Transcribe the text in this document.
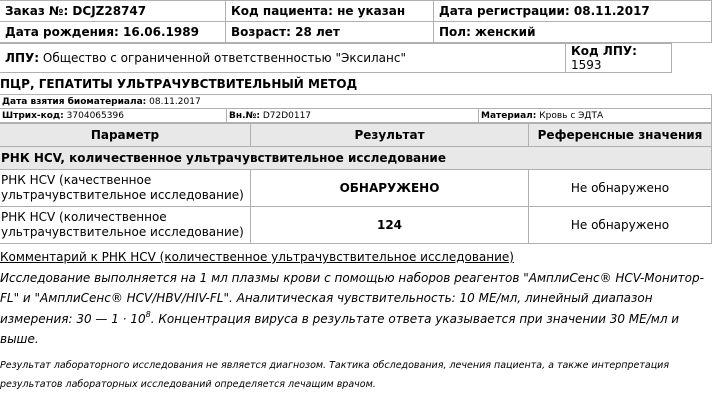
Заказ №: DCJZ28747	Код пациента: не указан	Дата регистрации: 08.11.2017
Дата рождения: 16.06.1989	Возраст: 28 лет	Пол: женский
ЛПУ: Общество с ограниченной ответственностью "Эксиланс"	Код ЛПУ: 1593
ПЦР, ГЕПАТИТЫ УЛЬТРАЧУВСТВИТЕЛЬНЫЙ МЕТОД
Дата взятия биоматериала: 08.11.2017
Штрих-код: 3704065396	Вн.№: D72D0117	Материал: Кровь с ЭДТА
Параметр	Результат	Референсные значения
РНК HCV, количественное ультрачувствительное исследование		

РНК HCV (качественное
ультрачувствительное исследование)	ОБНАРУЖЕНО	Не обнаружено

РНК HCV (количественное
ультрачувствительное исследование)	124	Не обнаружено
Комментарий к РНК HCV (количественное ультрачувствительное исследование)
Исследование выполняется на 1 мл плазмы крови с помощью наборов реагентов "АмплиСенс® HCV-Монитор-FL" и "АмплиСенс® HCV/HBV/HIV-FL". Аналитическая чувствительность: 10 МЕ/мл, линейный диапазон измерения: 30 — $1 \cdot 10^8$. Концентрация вируса в результате ответа указывается при значении 30 МЕ/мл и выше.
Результат лабораторного исследования не является диагнозом. Тактика обследования, лечения пациента, а также интерпретация результатов лабораторных исследований определяется лечащим врачом.
